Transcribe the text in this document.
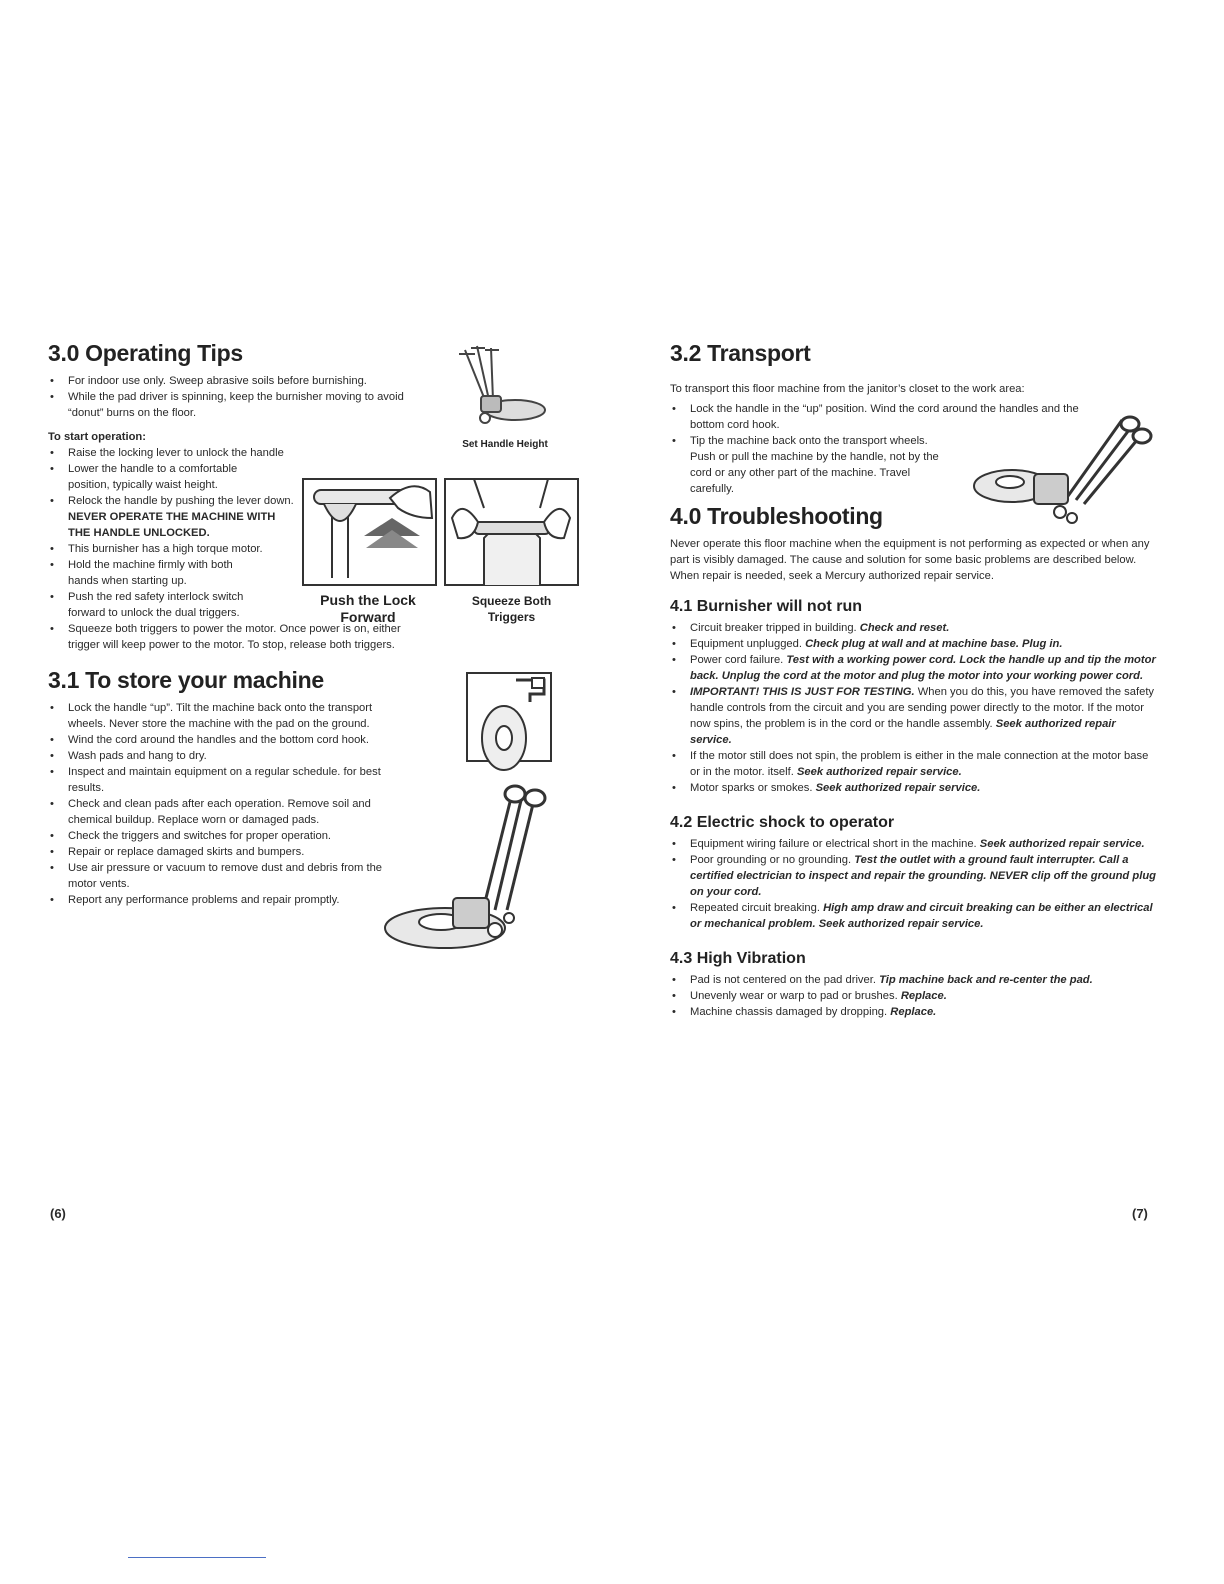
3.0 Operating Tips
• For indoor use only. Sweep abrasive soils before burnishing.
• While the pad driver is spinning, keep the burnisher moving to avoid “donut” burns on the floor.
To start operation:
• Raise the locking lever to unlock the handle
• Lower the handle to a comfortable position, typically waist height.
• Relock the handle by pushing the lever down. NEVER OPERATE THE MACHINE WITH THE HANDLE UNLOCKED.
• This burnisher has a high torque motor.
• Hold the machine firmly with both hands when starting up.
• Push the red safety interlock switch forward to unlock the dual triggers.
• Squeeze both triggers to power the motor. Once power is on, either trigger will keep power to the motor. To stop, release both triggers.
3.1 To store your machine
• Lock the handle “up”. Tilt the machine back onto the transport wheels. Never store the machine with the pad on the ground.
• Wind the cord around the handles and the bottom cord hook.
• Wash pads and hang to dry.
• Inspect and maintain equipment on a regular schedule. for best results.
• Check and clean pads after each operation. Remove soil and chemical buildup. Replace worn or damaged pads.
• Check the triggers and switches for proper operation.
• Repair or replace damaged skirts and bumpers.
• Use air pressure or vacuum to remove dust and debris from the motor vents.
• Report any performance problems and repair promptly.
Set Handle Height
Push the Lock Forward
Squeeze Both Triggers
(6)
3.2 Transport

To transport this floor machine from the janitor’s closet to the work area:

• Lock the handle in the “up” position. Wind the cord around the handles and the bottom cord hook.
• Tip the machine back onto the transport wheels. Push or pull the machine by the handle, not by the cord or any other part of the machine. Travel carefully.
4.0 Troubleshooting

Never operate this floor machine when the equipment is not performing as expected or when any part is visibly damaged. The cause and solution for some basic problems are described below. When repair is needed, seek a Mercury authorized repair service.

4.1 Burnisher will not run
• Circuit breaker tripped in building. Check and reset.
• Equipment unplugged. Check plug at wall and at machine base. Plug in.
• Power cord failure. Test with a working power cord. Lock the handle up and tip the motor back. Unplug the cord at the motor and plug the motor into your working power cord.
• IMPORTANT! THIS IS JUST FOR TESTING. When you do this, you have removed the safety handle controls from the circuit and you are sending power directly to the motor. If the motor now spins, the problem is in the cord or the handle assembly. Seek authorized repair service.
• If the motor still does not spin, the problem is either in the male connection at the motor base or in the motor. itself. Seek authorized repair service.
• Motor sparks or smokes. Seek authorized repair service.
4.2 Electric shock to operator
• Equipment wiring failure or electrical short in the machine. Seek authorized repair service.
• Poor grounding or no grounding. Test the outlet with a ground fault interrupter. Call a certified electrician to inspect and repair the grounding. NEVER clip off the ground plug on your cord.
• Repeated circuit breaking. High amp draw and circuit breaking can be either an electrical or mechanical problem. Seek authorized repair service.
4.3 High Vibration
• Pad is not centered on the pad driver. Tip machine back and re-center the pad.
• Unevenly wear or warp to pad or brushes. Replace.
• Machine chassis damaged by dropping. Replace.
(7)
